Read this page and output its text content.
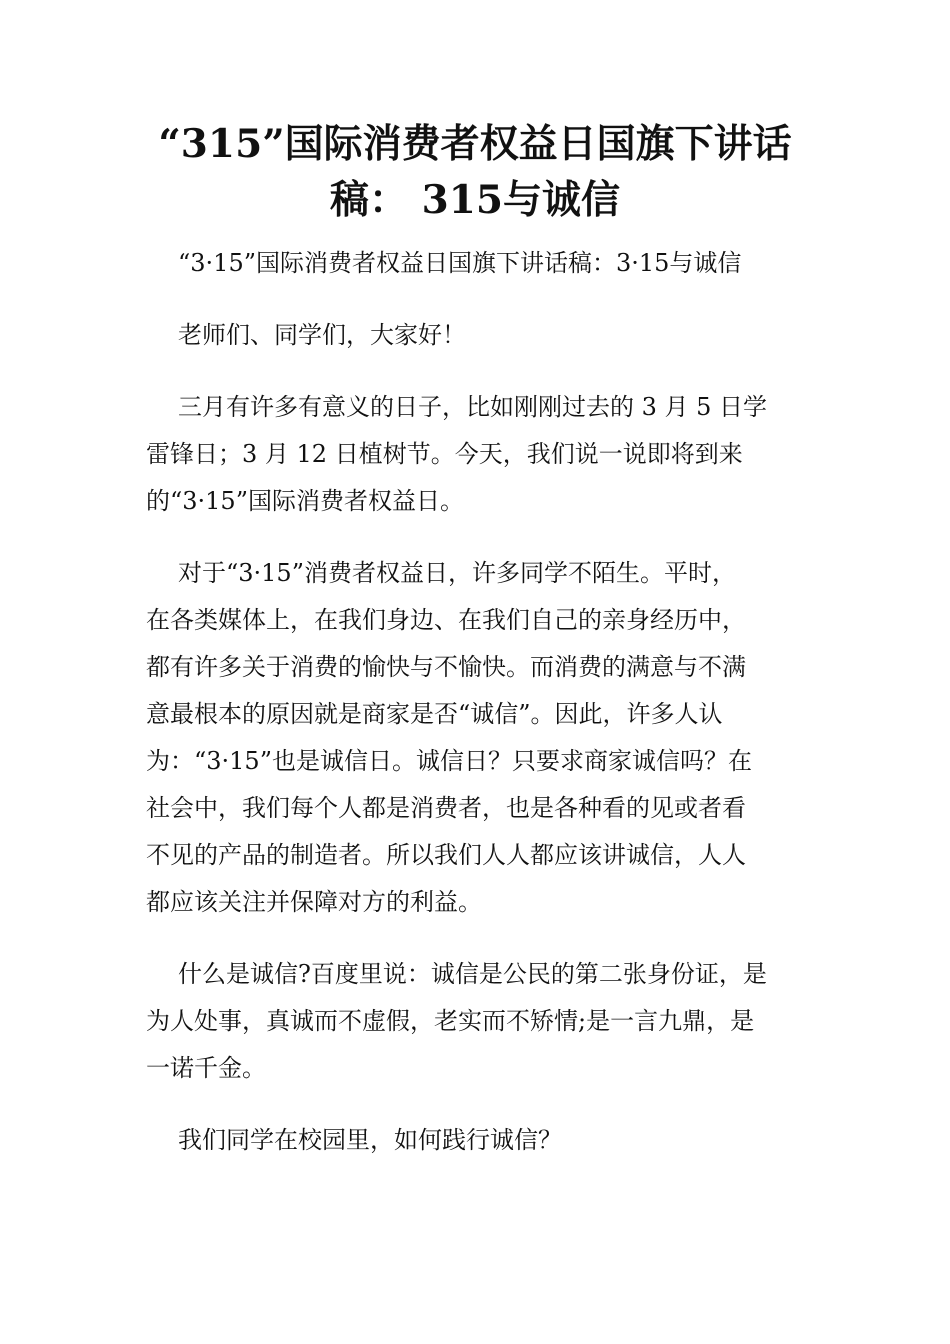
“315”国际消费者权益日国旗下讲话
稿： 315与诚信

“3·15”国际消费者权益日国旗下讲话稿：3·15与诚信

老师们、同学们，大家好！

三月有许多有意义的日子，比如刚刚过去的 3 月 5 日学
雷锋日；3 月 12 日植树节。今天，我们说一说即将到来
的“3·15”国际消费者权益日。

对于“3·15”消费者权益日，许多同学不陌生。平时，
在各类媒体上，在我们身边、在我们自己的亲身经历中，
都有许多关于消费的愉快与不愉快。而消费的满意与不满
意最根本的原因就是商家是否“诚信”。因此，许多人认
为：“3·15”也是诚信日。诚信日？只要求商家诚信吗？在
社会中，我们每个人都是消费者，也是各种看的见或者看
不见的产品的制造者。所以我们人人都应该讲诚信，人人
都应该关注并保障对方的利益。

什么是诚信?百度里说：诚信是公民的第二张身份证，是
为人处事，真诚而不虚假，老实而不矫情;是一言九鼎，是
一诺千金。

我们同学在校园里，如何践行诚信？
